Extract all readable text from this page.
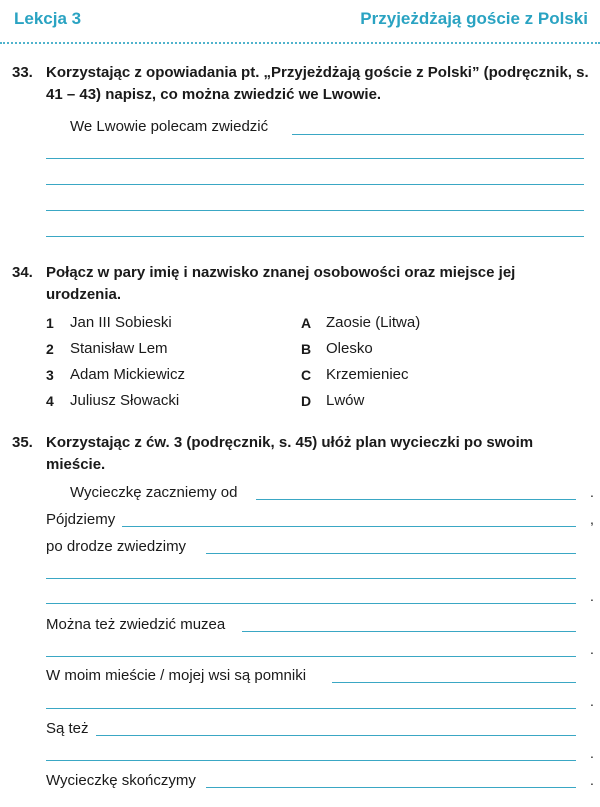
Lekcja 3	Przyjeżdżają goście z Polski
33. Korzystając z opowiadania pt. „Przyjeżdżają goście z Polski” (podręcznik, s. 41 – 43) napisz, co można zwiedzić we Lwowie.
We Lwowie polecam zwiedzić
34. Połącz w pary imię i nazwisko znanej osobowości oraz miejsce jej urodzenia.
1 Jan III Sobieski	A Zaosie (Litwa)
2 Stanisław Lem	B Olesko
3 Adam Mickiewicz	C Krzemieniec
4 Juliusz Słowacki	D Lwów
35. Korzystając z ćw. 3 (podręcznik, s. 45) ułóż plan wycieczki po swoim mieście.
Wycieczkę zaczniemy od	.
Pójdziemy	,
po drodze zwiedzimy
.
Można też zwiedzić muzea
.
W moim mieście / mojej wsi są pomniki
.
Są też
.
Wycieczkę skończymy	.
